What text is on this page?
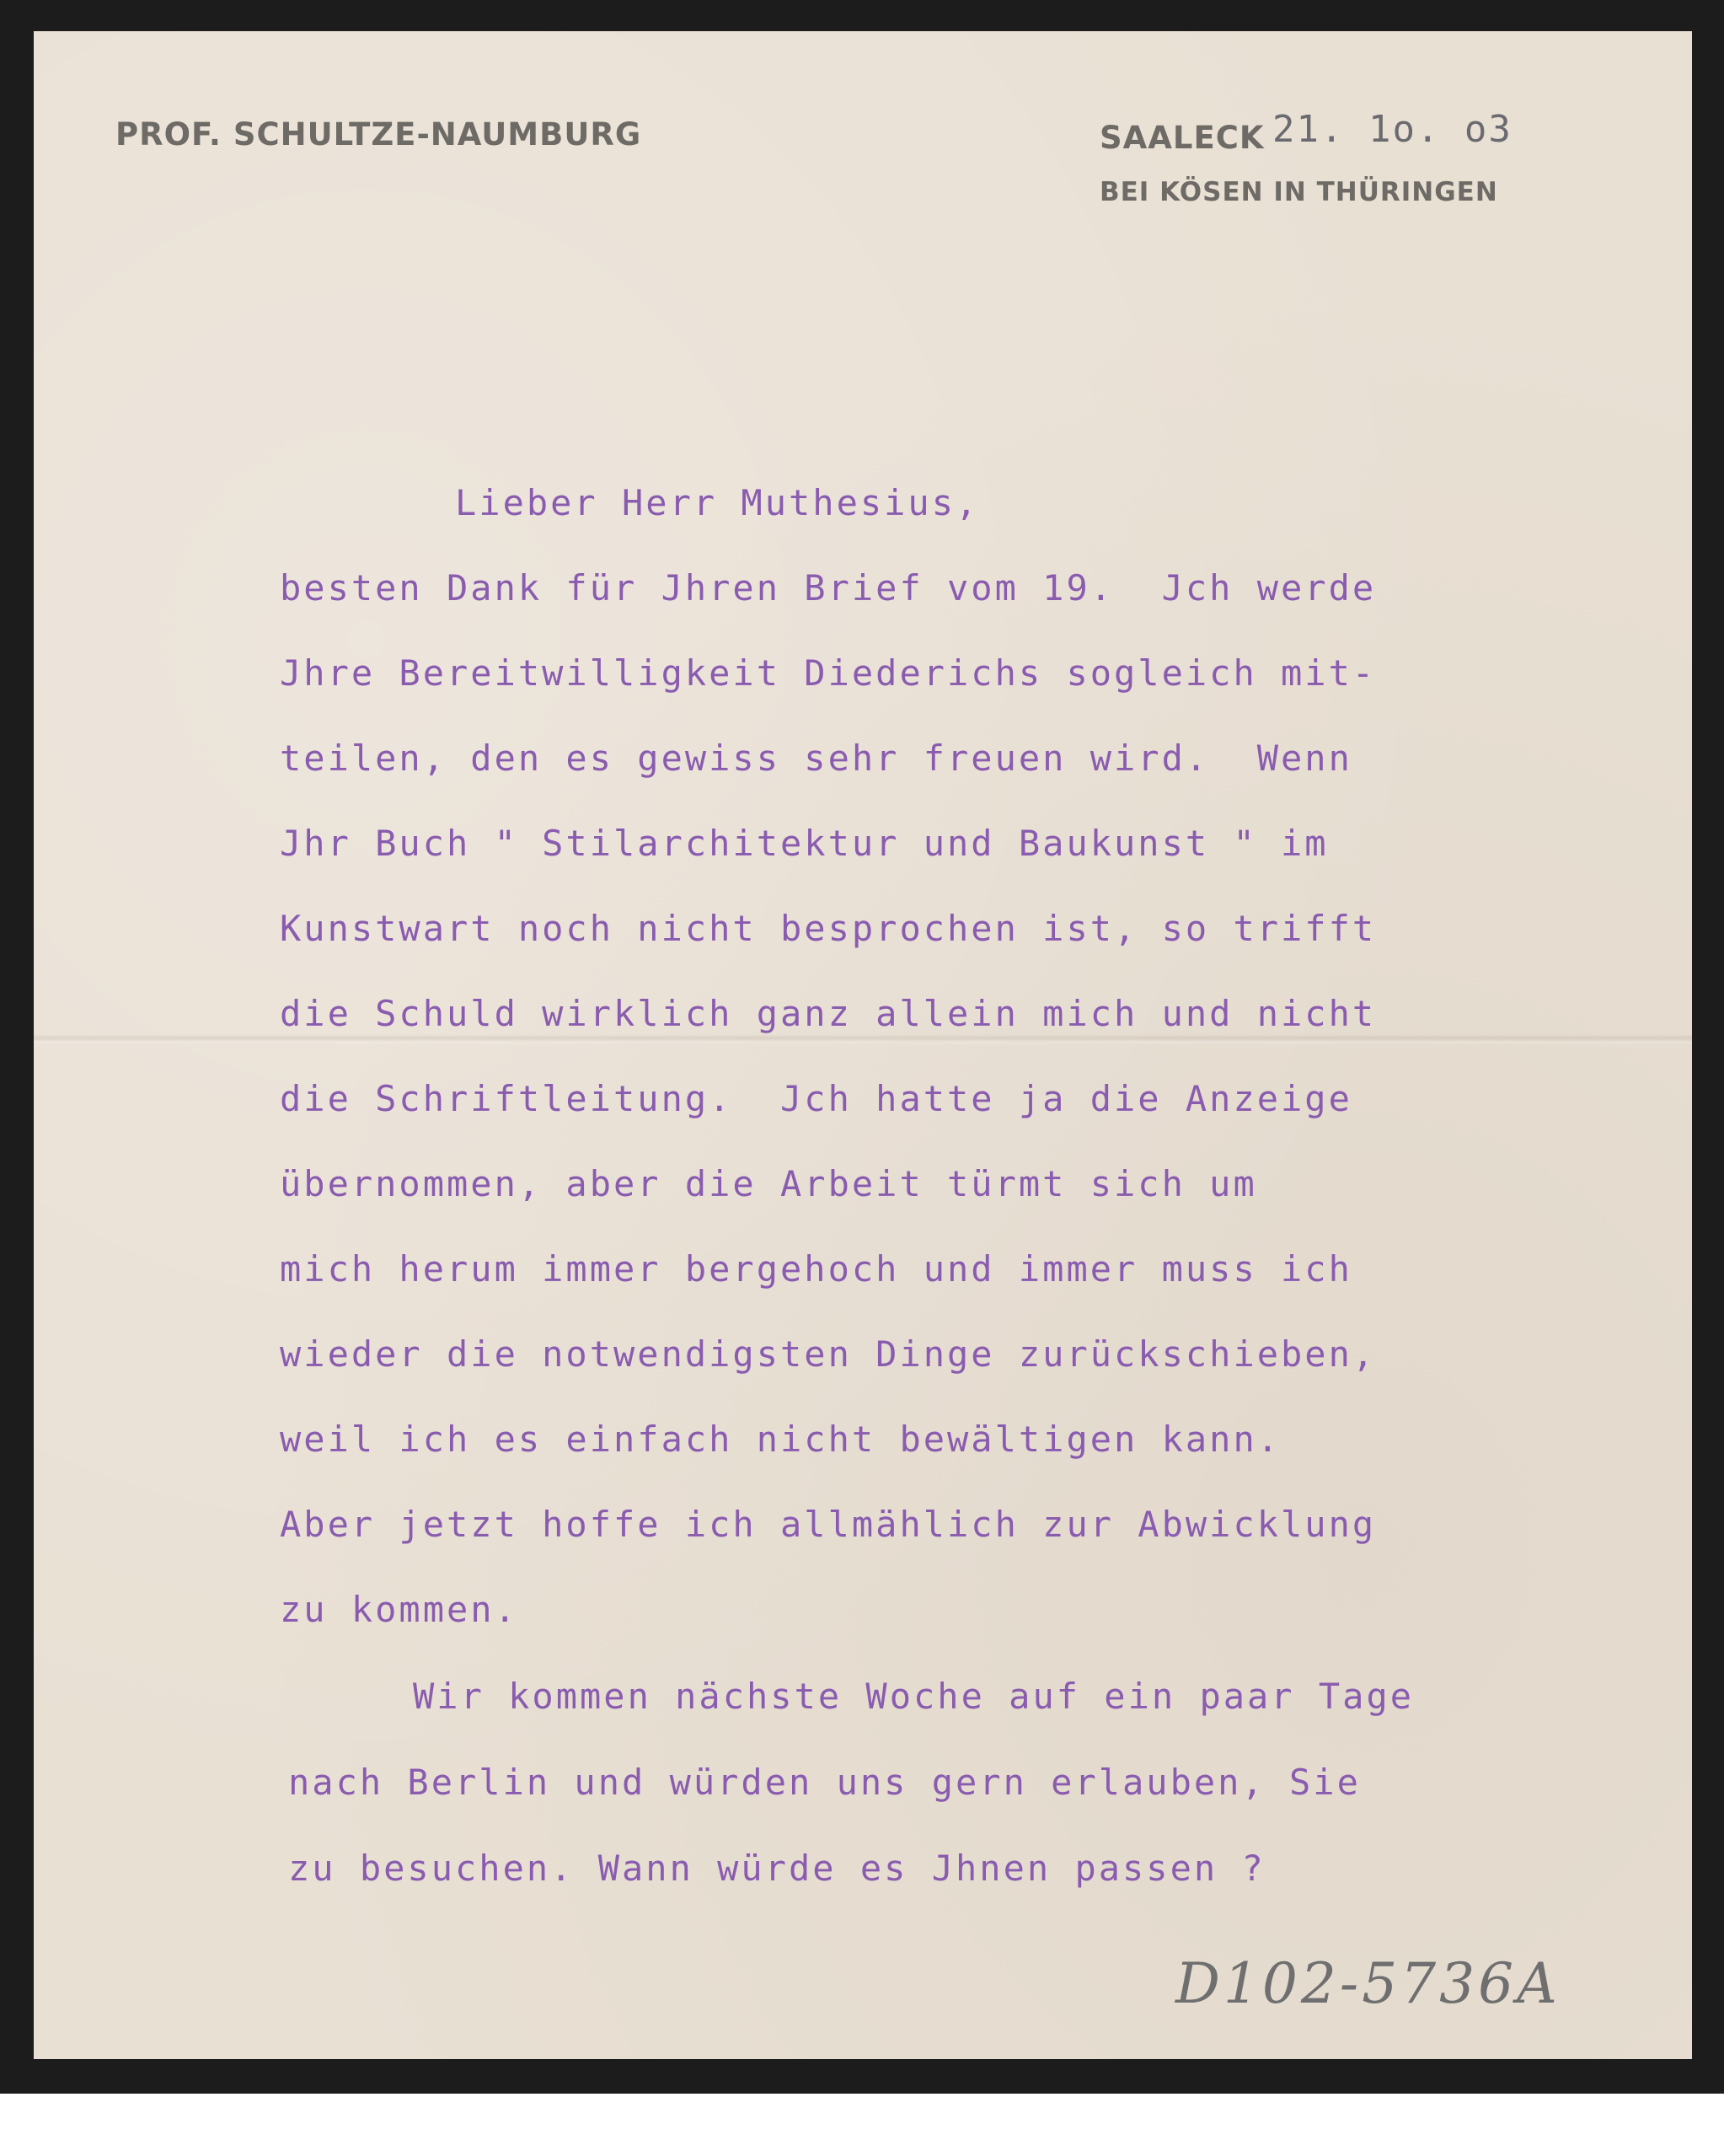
PROF. SCHULTZE-NAUMBURG	SAALECK
BEI KÖSEN IN THÜRINGEN
21. 1o. o3
Lieber Herr Muthesius,
besten Dank für Jhren Brief vom 19.  Jch werde
Jhre Bereitwilligkeit Diederichs sogleich mit-
teilen, den es gewiss sehr freuen wird.  Wenn
Jhr Buch " Stilarchitektur und Baukunst " im
Kunstwart noch nicht besprochen ist, so trifft
die Schuld wirklich ganz allein mich und nicht
die Schriftleitung.  Jch hatte ja die Anzeige
übernommen, aber die Arbeit türmt sich um
mich herum immer bergehoch und immer muss ich
wieder die notwendigsten Dinge zurückschieben,
weil ich es einfach nicht bewältigen kann.
Aber jetzt hoffe ich allmählich zur Abwicklung
zu kommen.
Wir kommen nächste Woche auf ein paar Tage
nach Berlin und würden uns gern erlauben, Sie
zu besuchen. Wann würde es Jhnen passen ?
D102-5736A
